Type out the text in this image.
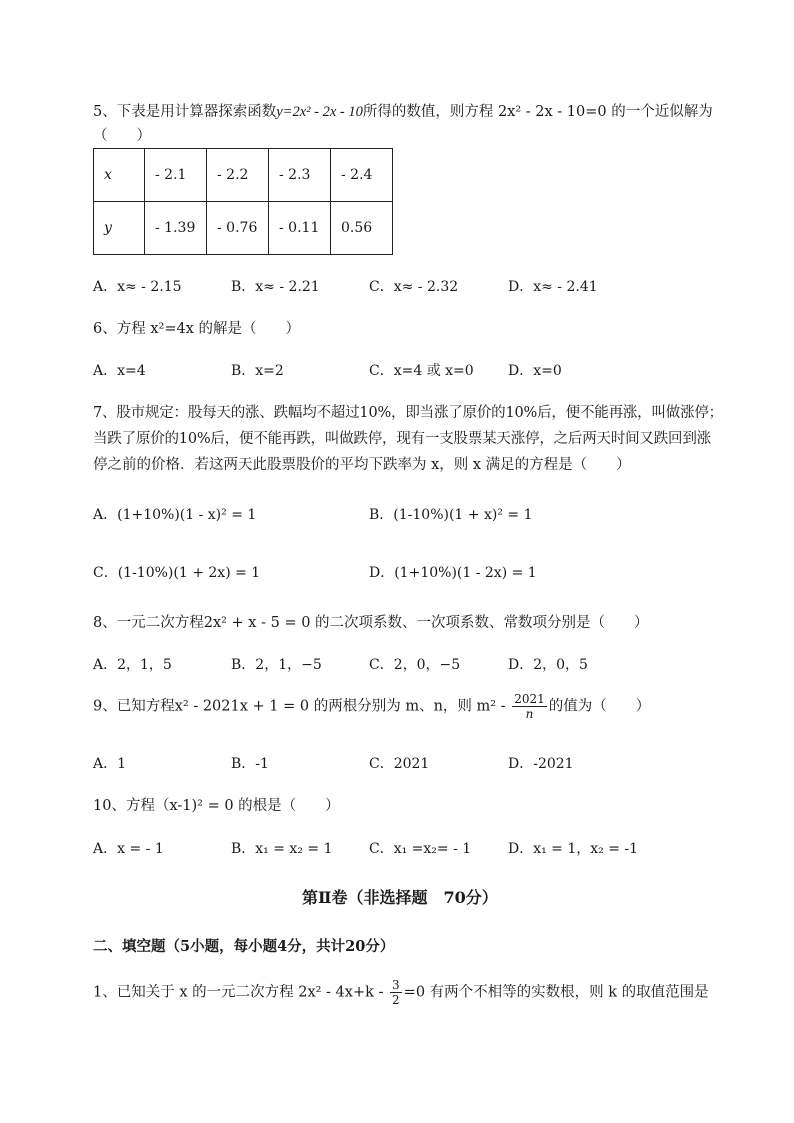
5、下表是用计算器探索函数y=2x² - 2x - 10所得的数值，则方程 2x² - 2x - 10=0 的一个近似解为
（　　）
x	- 2.1	- 2.2	- 2.3	- 2.4
y	- 1.39	- 0.76	- 0.11	0.56
A．x≈ - 2.15	B．x≈ - 2.21	C．x≈ - 2.32	D．x≈ - 2.41
6、方程 x²=4x 的解是（　　）
A．x=4	B．x=2	C．x=4 或 x=0 D．x=0
7、股市规定：股每天的涨、跌幅均不超过10%，即当涨了原价的10%后，便不能再涨，叫做涨停；
当跌了原价的10%后，便不能再跌，叫做跌停，现有一支股票某天涨停，之后两天时间又跌回到涨
停之前的价格．若这两天此股票股价的平均下跌率为 x，则 x 满足的方程是（　　）
A．(1+10%)(1 - x)² = 1	B．(1-10%)(1 + x)² = 1
C．(1-10%)(1 + 2x) = 1	D．(1+10%)(1 - 2x) = 1
8、一元二次方程2x² + x - 5 = 0 的二次项系数、一次项系数、常数项分别是（　　）
A．2，1，5	B．2，1，−5	C．2，0，−5	D．2，0，5
9、已知方程x² - 2021x + 1 = 0 的两根分别为 m、n，则 $m^2 - \frac{2021}{n}$ 的值为（　　）
A．1	B．-1	C．2021	D．-2021
10、方程（x-1)² = 0 的根是（　　）
A．x = - 1	B．x₁ = x₂ = 1	C．x₁ =x₂= - 1	D．x₁ = 1，x₂ = -1
第Ⅱ卷（非选择题　70分）
二、填空题（5小题，每小题4分，共计20分）
1、已知关于 x 的一元二次方程 $2x^2 - 4x+k - \frac{3}{2} =0$ 有两个不相等的实数根，则 k 的取值范围是
